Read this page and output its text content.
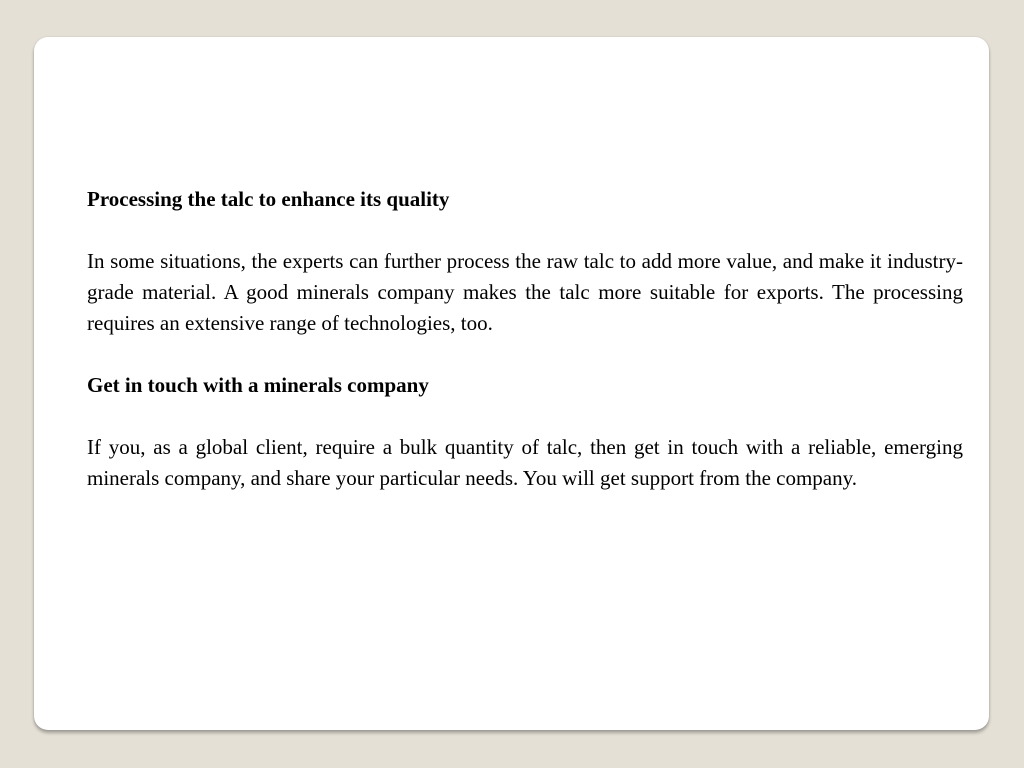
Processing the talc to enhance its quality

In some situations, the experts can further process the raw talc to add more value, and make it industry-grade material. A good minerals company makes the talc more suitable for exports. The processing requires an extensive range of technologies, too.

Get in touch with a minerals company

If you, as a global client, require a bulk quantity of talc, then get in touch with a reliable, emerging minerals company, and share your particular needs. You will get support from the company.
